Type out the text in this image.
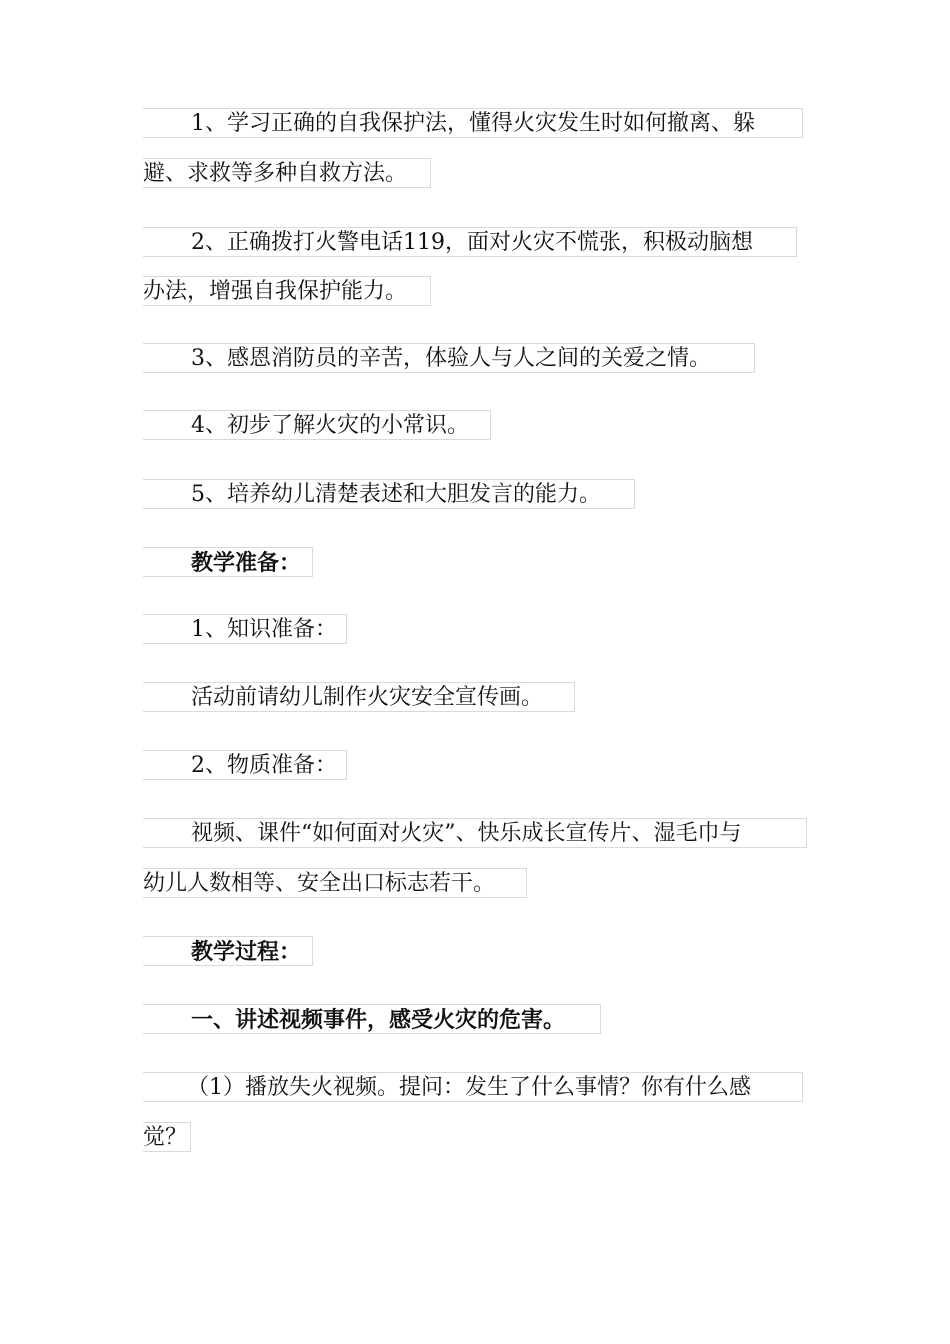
1、学习正确的自我保护法，懂得火灾发生时如何撤离、躲
避、求救等多种自救方法。
2、正确拨打火警电话119，面对火灾不慌张，积极动脑想
办法，增强自我保护能力。
3、感恩消防员的辛苦，体验人与人之间的关爱之情。
4、初步了解火灾的小常识。
5、培养幼儿清楚表述和大胆发言的能力。
教学准备：
1、知识准备：
活动前请幼儿制作火灾安全宣传画。
2、物质准备：
视频、课件“如何面对火灾”、快乐成长宣传片、湿毛巾与
幼儿人数相等、安全出口标志若干。
教学过程：
一、讲述视频事件，感受火灾的危害。
（1）播放失火视频。提问：发生了什么事情？你有什么感
觉？
